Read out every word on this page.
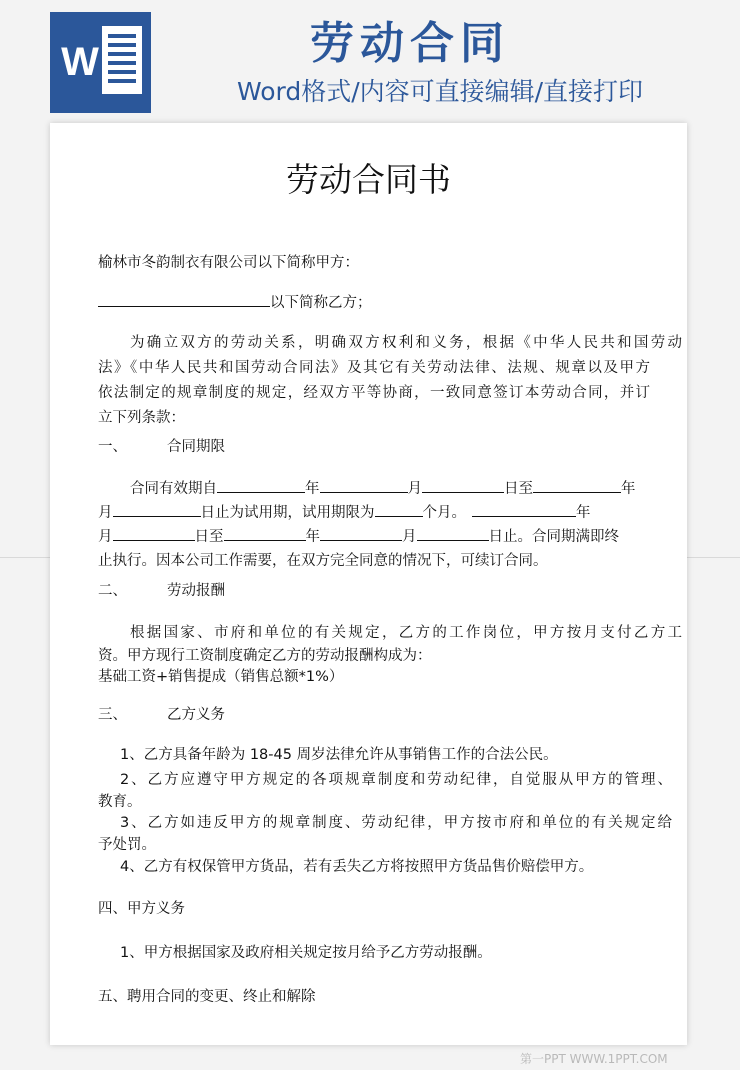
W	劳动合同
Word格式/内容可直接编辑/直接打印
劳动合同书
榆林市冬韵制衣有限公司以下简称甲方：
以下简称乙方；
为确立双方的劳动关系，明确双方权利和义务，根据《中华人民共和国劳动
法》《中华人民共和国劳动合同法》及其它有关劳动法律、法规、规章以及甲方
依法制定的规章制度的规定，经双方平等协商，一致同意签订本劳动合同，并订
立下列条款：
一、	合同期限
合同有效期自	年	月	日至	年
月	日止为试用期，试用期限为	个月。	年
月	日至	年	月	日止。合同期满即终
止执行。因本公司工作需要，在双方完全同意的情况下，可续订合同。
二、	劳动报酬
根据国家、市府和单位的有关规定，乙方的工作岗位，甲方按月支付乙方工
资。甲方现行工资制度确定乙方的劳动报酬构成为：
基础工资+销售提成（销售总额*1%）
三、	乙方义务
1、乙方具备年龄为 18-45 周岁法律允许从事销售工作的合法公民。
2、乙方应遵守甲方规定的各项规章制度和劳动纪律，自觉服从甲方的管理、
教育。
3、乙方如违反甲方的规章制度、劳动纪律，甲方按市府和单位的有关规定给
予处罚。
4、乙方有权保管甲方货品，若有丢失乙方将按照甲方货品售价赔偿甲方。
四、甲方义务
1、甲方根据国家及政府相关规定按月给予乙方劳动报酬。
五、聘用合同的变更、终止和解除
第一PPT WWW.1PPT.COM
